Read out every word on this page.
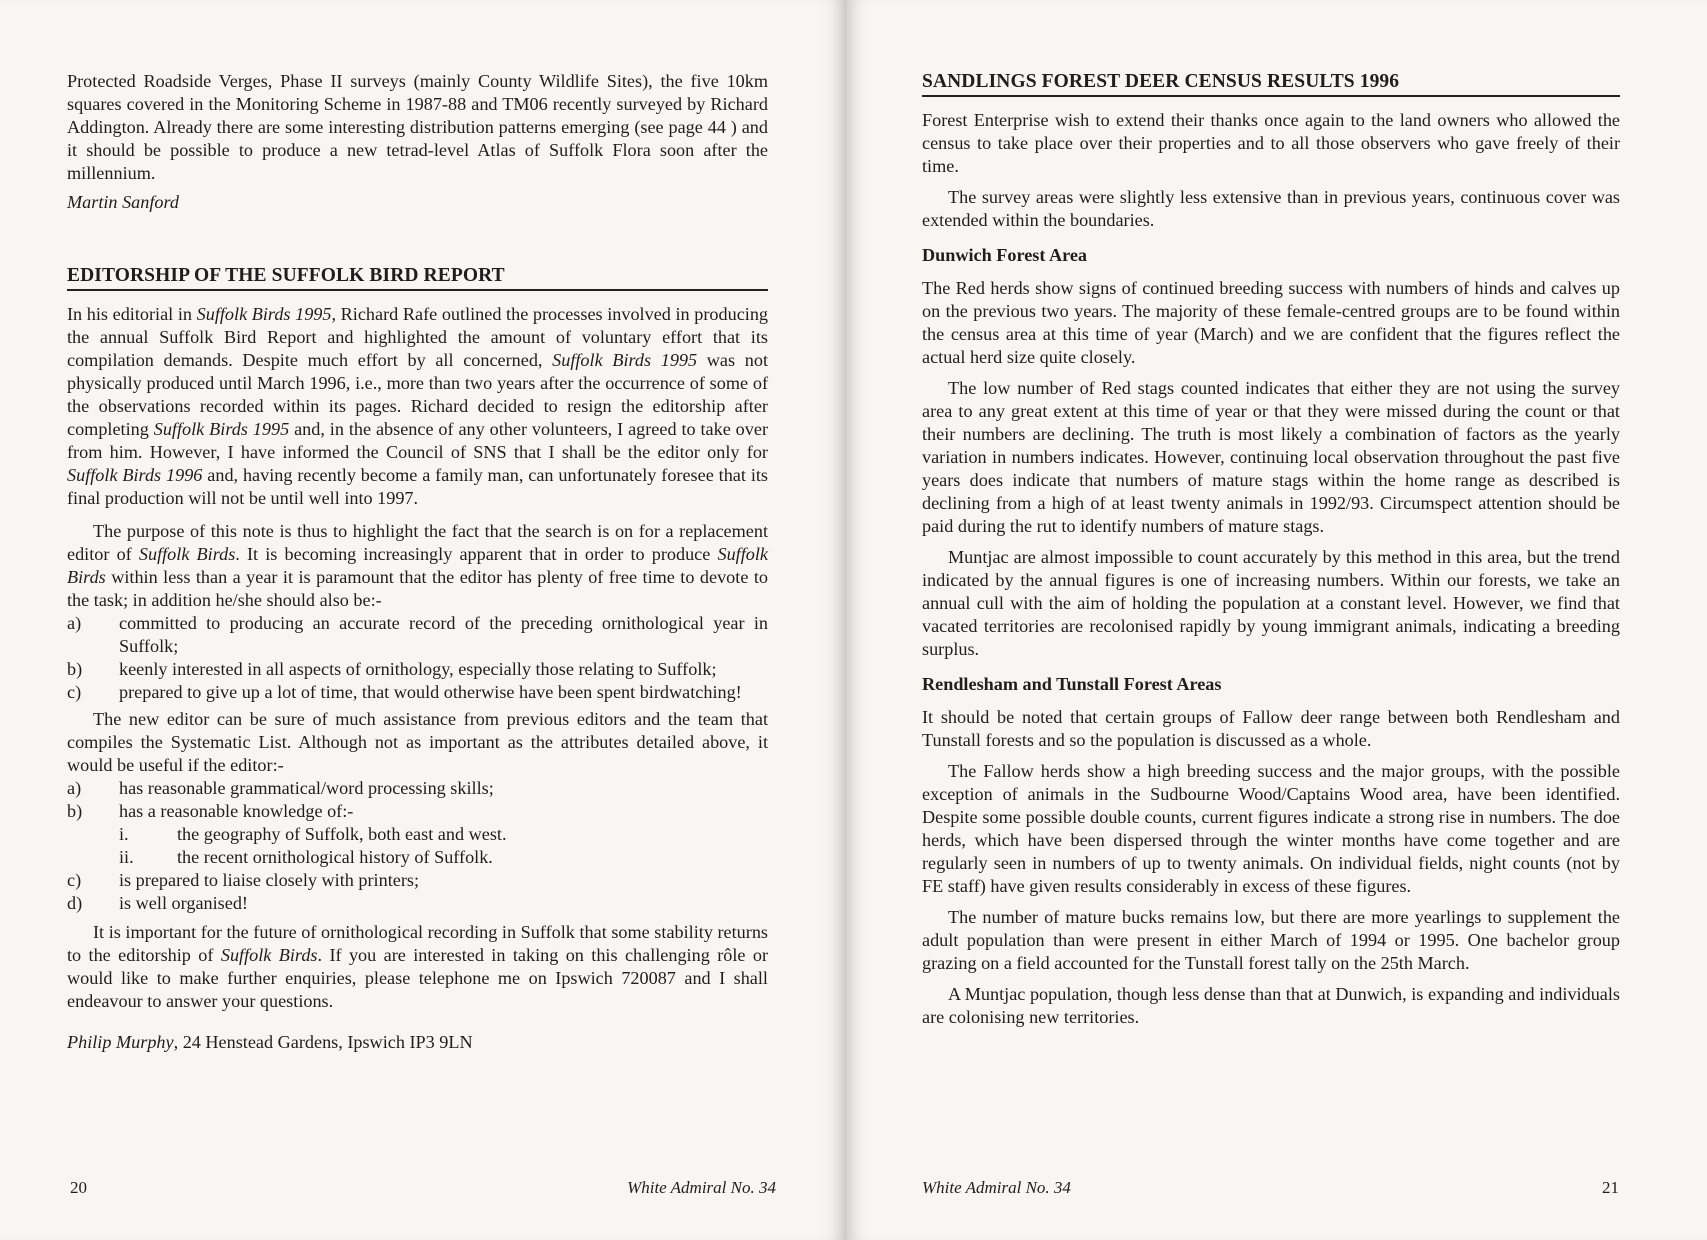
Protected Roadside Verges, Phase II surveys (mainly County Wildlife Sites), the five 10km squares covered in the Monitoring Scheme in 1987-88 and TM06 recently surveyed by Richard Addington. Already there are some interesting distribution patterns emerging (see page 44 ) and it should be possible to produce a new tetrad-level Atlas of Suffolk Flora soon after the millennium.

Martin Sanford

EDITORSHIP OF THE SUFFOLK BIRD REPORT

In his editorial in Suffolk Birds 1995, Richard Rafe outlined the processes involved in producing the annual Suffolk Bird Report and highlighted the amount of voluntary effort that its compilation demands. Despite much effort by all concerned, Suffolk Birds 1995 was not physically produced until March 1996, i.e., more than two years after the occurrence of some of the observations recorded within its pages. Richard decided to resign the editorship after completing Suffolk Birds 1995 and, in the absence of any other volunteers, I agreed to take over from him. However, I have informed the Council of SNS that I shall be the editor only for Suffolk Birds 1996 and, having recently become a family man, can unfortunately foresee that its final production will not be until well into 1997.

The purpose of this note is thus to highlight the fact that the search is on for a replacement editor of Suffolk Birds. It is becoming increasingly apparent that in order to produce Suffolk Birds within less than a year it is paramount that the editor has plenty of free time to devote to the task; in addition he/she should also be:-

a)	committed to producing an accurate record of the preceding ornithological year in Suffolk;
b)	keenly interested in all aspects of ornithology, especially those relating to Suffolk;
c)	prepared to give up a lot of time, that would otherwise have been spent birdwatching!

The new editor can be sure of much assistance from previous editors and the team that compiles the Systematic List. Although not as important as the attributes detailed above, it would be useful if the editor:-

a)	has reasonable grammatical/word processing skills;
b)	has a reasonable knowledge of:-
i.	the geography of Suffolk, both east and west.
ii.	the recent ornithological history of Suffolk.
c)	is prepared to liaise closely with printers;
d)	is well organised!

It is important for the future of ornithological recording in Suffolk that some stability returns to the editorship of Suffolk Birds. If you are interested in taking on this challenging rôle or would like to make further enquiries, please telephone me on Ipswich 720087 and I shall endeavour to answer your questions.

Philip Murphy, 24 Henstead Gardens, Ipswich IP3 9LN

20	White Admiral No. 34
SANDLINGS FOREST DEER CENSUS RESULTS 1996

Forest Enterprise wish to extend their thanks once again to the land owners who allowed the census to take place over their properties and to all those observers who gave freely of their time.

The survey areas were slightly less extensive than in previous years, continuous cover was extended within the boundaries.

Dunwich Forest Area

The Red herds show signs of continued breeding success with numbers of hinds and calves up on the previous two years. The majority of these female-centred groups are to be found within the census area at this time of year (March) and we are confident that the figures reflect the actual herd size quite closely.

The low number of Red stags counted indicates that either they are not using the survey area to any great extent at this time of year or that they were missed during the count or that their numbers are declining. The truth is most likely a combination of factors as the yearly variation in numbers indicates. However, continuing local observation throughout the past five years does indicate that numbers of mature stags within the home range as described is declining from a high of at least twenty animals in 1992/93. Circumspect attention should be paid during the rut to identify numbers of mature stags.

Muntjac are almost impossible to count accurately by this method in this area, but the trend indicated by the annual figures is one of increasing numbers. Within our forests, we take an annual cull with the aim of holding the population at a constant level. However, we find that vacated territories are recolonised rapidly by young immigrant animals, indicating a breeding surplus.

Rendlesham and Tunstall Forest Areas

It should be noted that certain groups of Fallow deer range between both Rendlesham and Tunstall forests and so the population is discussed as a whole.

The Fallow herds show a high breeding success and the major groups, with the possible exception of animals in the Sudbourne Wood/Captains Wood area, have been identified. Despite some possible double counts, current figures indicate a strong rise in numbers. The doe herds, which have been dispersed through the winter months have come together and are regularly seen in numbers of up to twenty animals. On individual fields, night counts (not by FE staff) have given results considerably in excess of these figures.

The number of mature bucks remains low, but there are more yearlings to supplement the adult population than were present in either March of 1994 or 1995. One bachelor group grazing on a field accounted for the Tunstall forest tally on the 25th March.

A Muntjac population, though less dense than that at Dunwich, is expanding and individuals are colonising new territories.

White Admiral No. 34	21
